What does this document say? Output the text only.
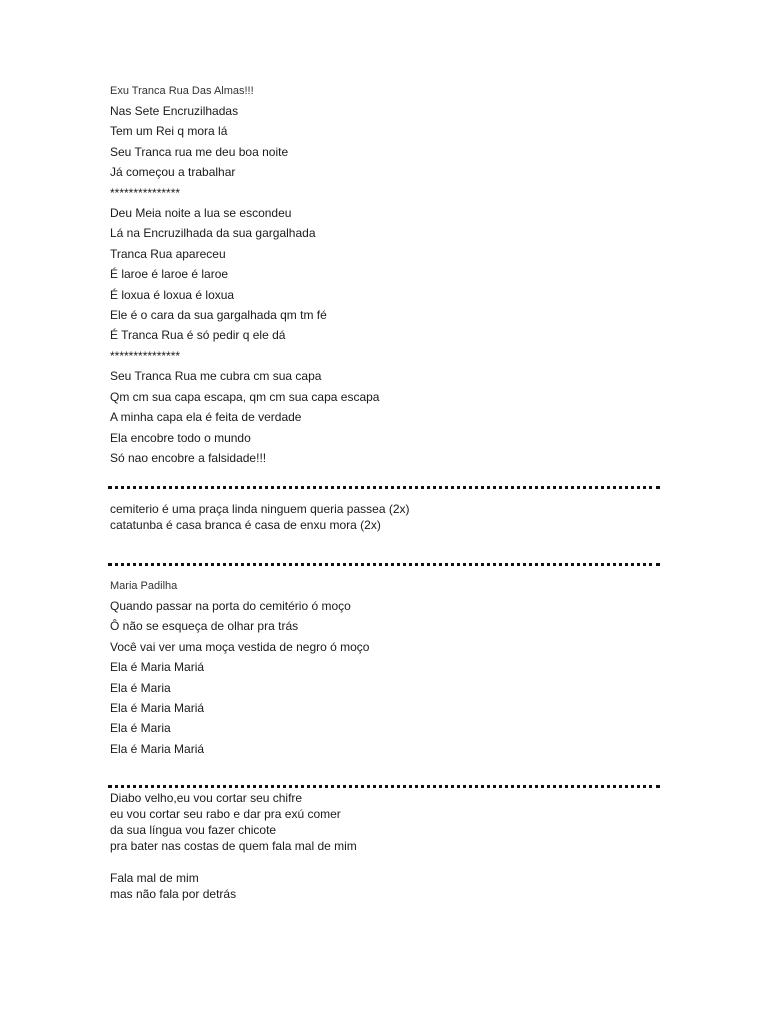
Exu Tranca Rua Das Almas!!!
Nas Sete Encruzilhadas
Tem um Rei q mora lá
Seu Tranca rua me deu boa noite
Já começou a trabalhar
***************
Deu Meia noite a lua se escondeu
Lá na Encruzilhada da sua gargalhada
Tranca Rua apareceu
É laroe é laroe é laroe
É loxua é loxua é loxua
Ele é o cara da sua gargalhada qm tm fé
É Tranca Rua é só pedir q ele dá
***************
Seu Tranca Rua me cubra cm sua capa
Qm cm sua capa escapa, qm cm sua capa escapa
A minha capa ela é feita de verdade
Ela encobre todo o mundo
Só nao encobre a falsidade!!!
cemiterio é uma praça linda ninguem queria passea (2x)
catatunba é casa branca é casa de enxu mora (2x)
Maria Padilha
Quando passar na porta do cemitério ó moço
Ô não se esqueça de olhar pra trás
Você vai ver uma moça vestida de negro ó moço
Ela é Maria Mariá
Ela é Maria
Ela é Maria Mariá
Ela é Maria
Ela é Maria Mariá
Diabo velho,eu vou cortar seu chifre
eu vou cortar seu rabo e dar pra exú comer
da sua língua vou fazer chicote
pra bater nas costas de quem fala mal de mim
Fala mal de mim
mas não fala por detrás
